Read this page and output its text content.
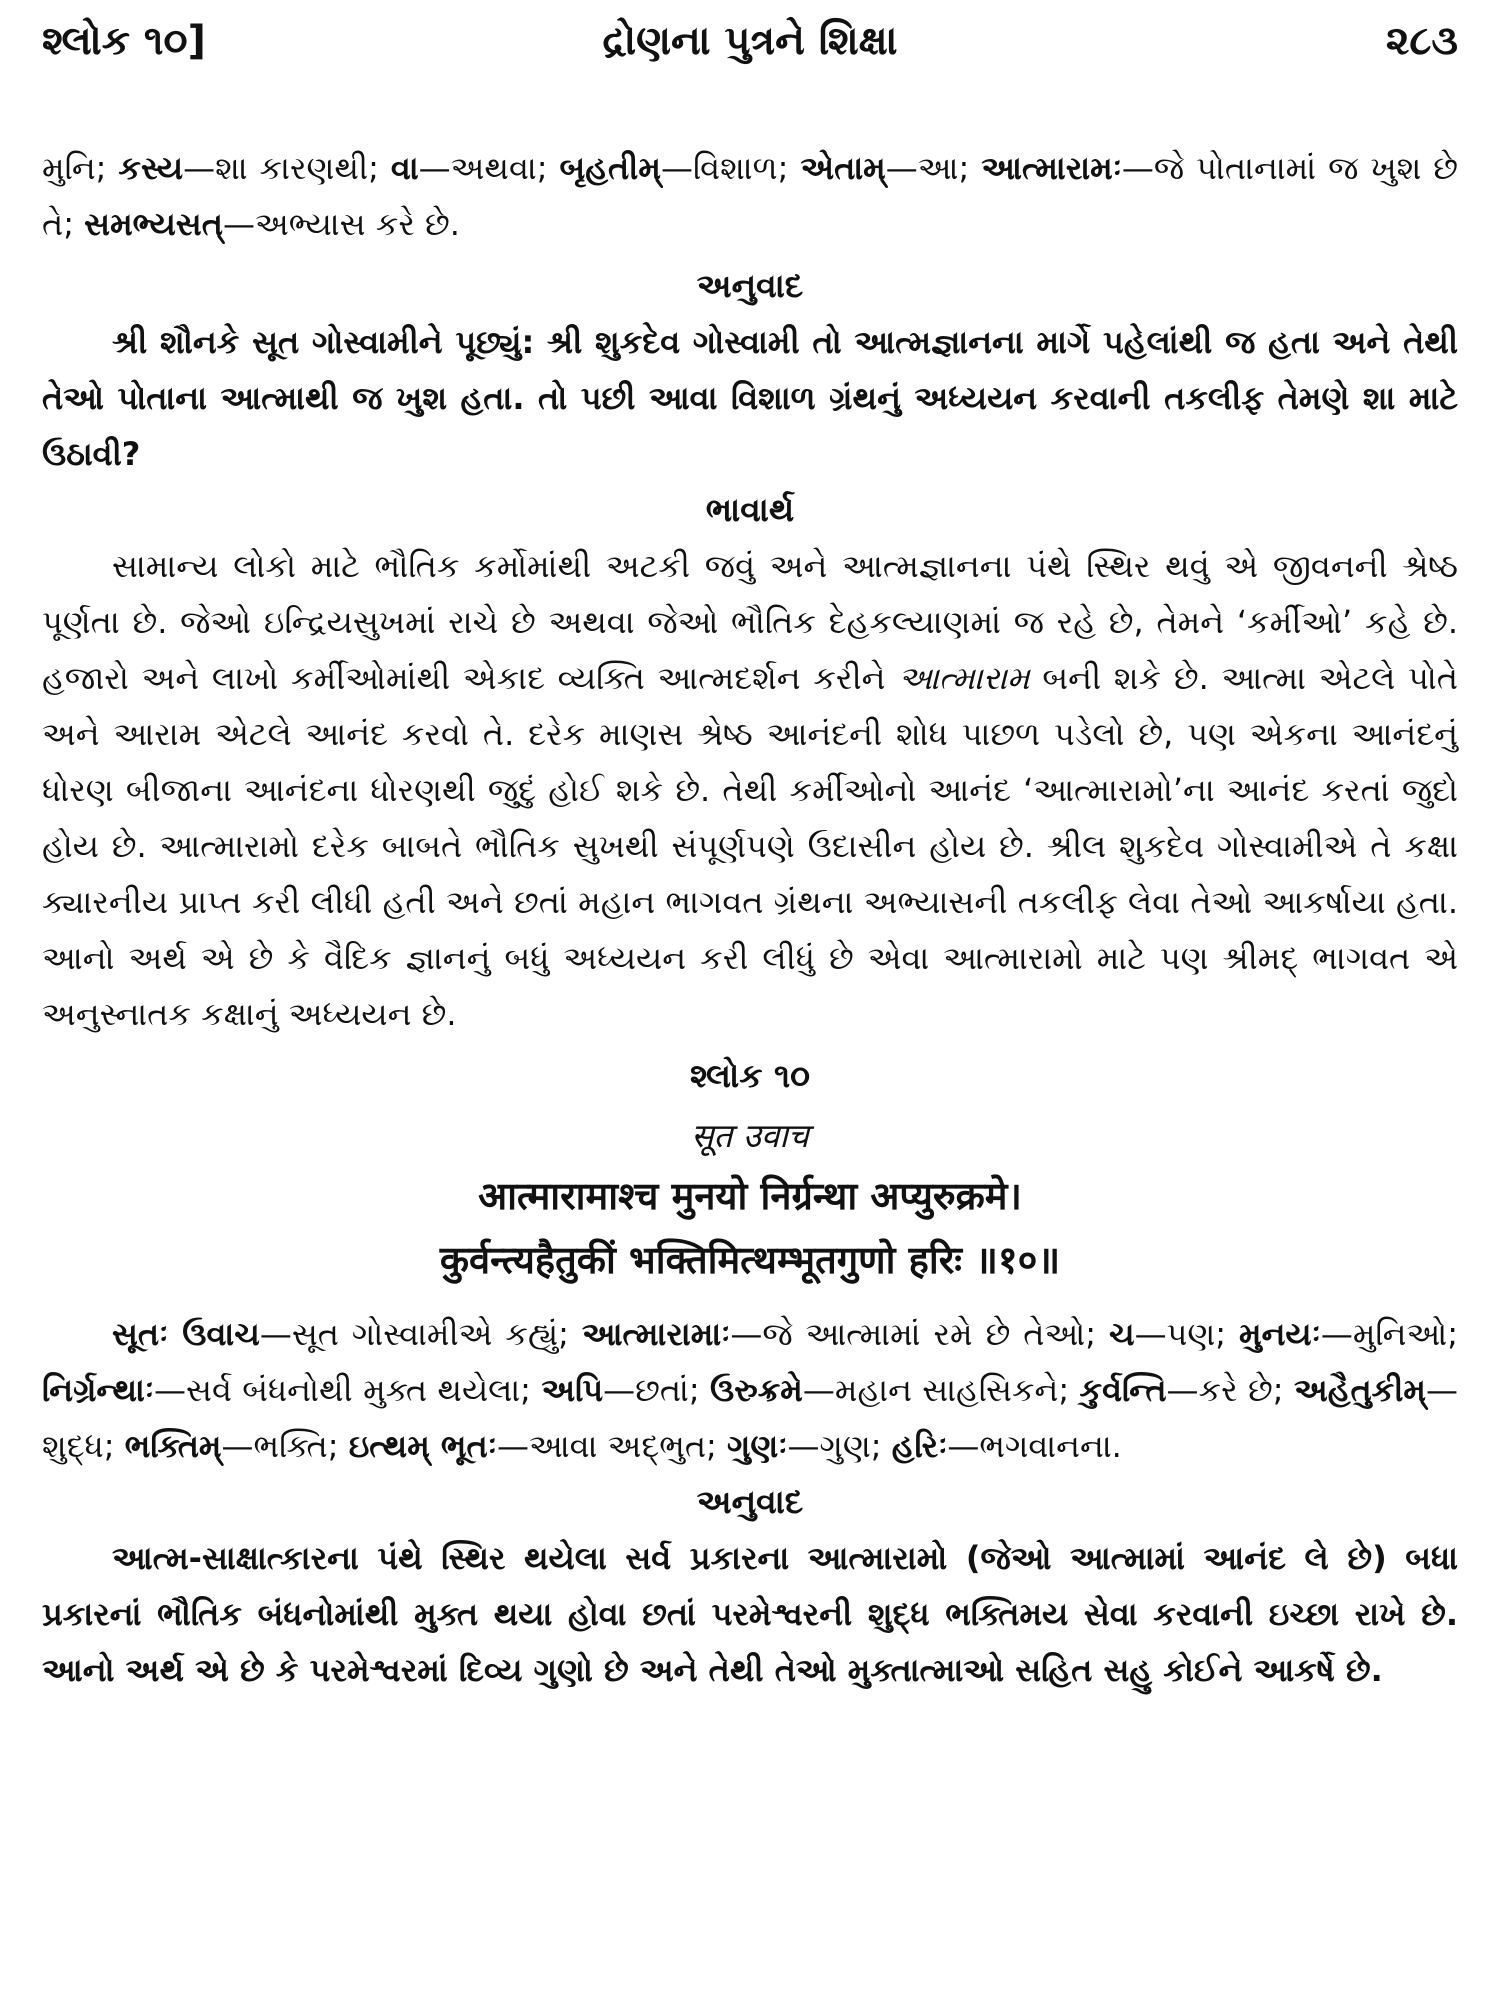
શ્લોક ૧૦]	દ્રોણના પુત્રને શિક્ષા	૨૮૩

મુનિ; કસ્ય—શા કારણથી; વા—અથવા; બૃહતીમ્—વિશાળ; એતામ્—આ; આત્મારામઃ—જે પોતાનામાં જ ખુશ છે તે; સમભ્યસત્—અભ્યાસ કરે છે.

અનુવાદ

શ્રી શૌનકે સૂત ગોસ્વામીને પૂછ્યું: શ્રી શુકદેવ ગોસ્વામી તો આત્મજ્ઞાનના માર્ગે પહેલાંથી જ હતા અને તેથી તેઓ પોતાના આત્માથી જ ખુશ હતા. તો પછી આવા વિશાળ ગ્રંથનું અધ્યયન કરવાની તકલીફ તેમણે શા માટે ઉઠાવી?

ભાવાર્થ

સામાન્ય લોકો માટે ભૌતિક કર્મોમાંથી અટકી જવું અને આત્મજ્ઞાનના પંથે સ્થિર થવું એ જીવનની શ્રેષ્ઠ પૂર્ણતા છે. જેઓ ઇન્દ્રિયસુખમાં રાચે છે અથવા જેઓ ભૌતિક દેહકલ્યાણમાં જ રહે છે, તેમને ‘કર્મીઓ’ કહે છે. હજારો અને લાખો કર્મીઓમાંથી એકાદ વ્યક્તિ આત્મદર્શન કરીને આત્મારામ બની શકે છે. આત્મા એટલે પોતે અને આરામ એટલે આનંદ કરવો તે. દરેક માણસ શ્રેષ્ઠ આનંદની શોધ પાછળ પડેલો છે, પણ એકના આનંદનું ધોરણ બીજાના આનંદના ધોરણથી જુદું હોઈ શકે છે. તેથી કર્મીઓનો આનંદ ‘આત્મારામો’ના આનંદ કરતાં જુદો હોય છે. આત્મારામો દરેક બાબતે ભૌતિક સુખથી સંપૂર્ણપણે ઉદાસીન હોય છે. શ્રીલ શુકદેવ ગોસ્વામીએ તે કક્ષા ક્યારનીય પ્રાપ્ત કરી લીધી હતી અને છતાં મહાન ભાગવત ગ્રંથના અભ્યાસની તકલીફ લેવા તેઓ આકર્ષાયા હતા. આનો અર્થ એ છે કે વૈદિક જ્ઞાનનું બધું અધ્યયન કરી લીધું છે એવા આત્મારામો માટે પણ શ્રીમદ્ ભાગવત એ અનુસ્નાતક કક્ષાનું અધ્યયન છે.

શ્લોક ૧૦

सूत उवाच

आत्मारामाश्च मुनयो निर्ग्रन्था अप्युरुक्रमे।

कुर्वन्त्यहैतुकीं भक्तिमित्थम्भूतगुणो हरिः ॥१०॥

સૂતઃ ઉવાચ—સૂત ગોસ્વામીએ કહ્યું; આત્મારામાઃ—જે આત્મામાં રમે છે તેઓ; ચ—પણ; મુનયઃ—મુનિઓ; નિર્ગ્રન્થાઃ—સર્વ બંધનોથી મુક્ત થયેલા; અપિ—છતાં; ઉરુક્રમે—મહાન સાહસિકને; કુર્વન્તિ—કરે છે; અહૈતુકીમ્—શુદ્ધ; ભક્તિમ્—ભક્તિ; ઇત્થમ્ ભૂતઃ—આવા અદ્ભુત; ગુણઃ—ગુણ; હરિઃ—ભગવાનના.

અનુવાદ

આત્મ-સાક્ષાત્કારના પંથે સ્થિર થયેલા સર્વ પ્રકારના આત્મારામો (જેઓ આત્મામાં આનંદ લે છે) બધા પ્રકારનાં ભૌતિક બંધનોમાંથી મુક્ત થયા હોવા છતાં પરમેશ્વરની શુદ્ધ ભક્તિમય સેવા કરવાની ઇચ્છા રાખે છે. આનો અર્થ એ છે કે પરમેશ્વરમાં દિવ્ય ગુણો છે અને તેથી તેઓ મુક્તાત્માઓ સહિત સહુ કોઈને આકર્ષે છે.
